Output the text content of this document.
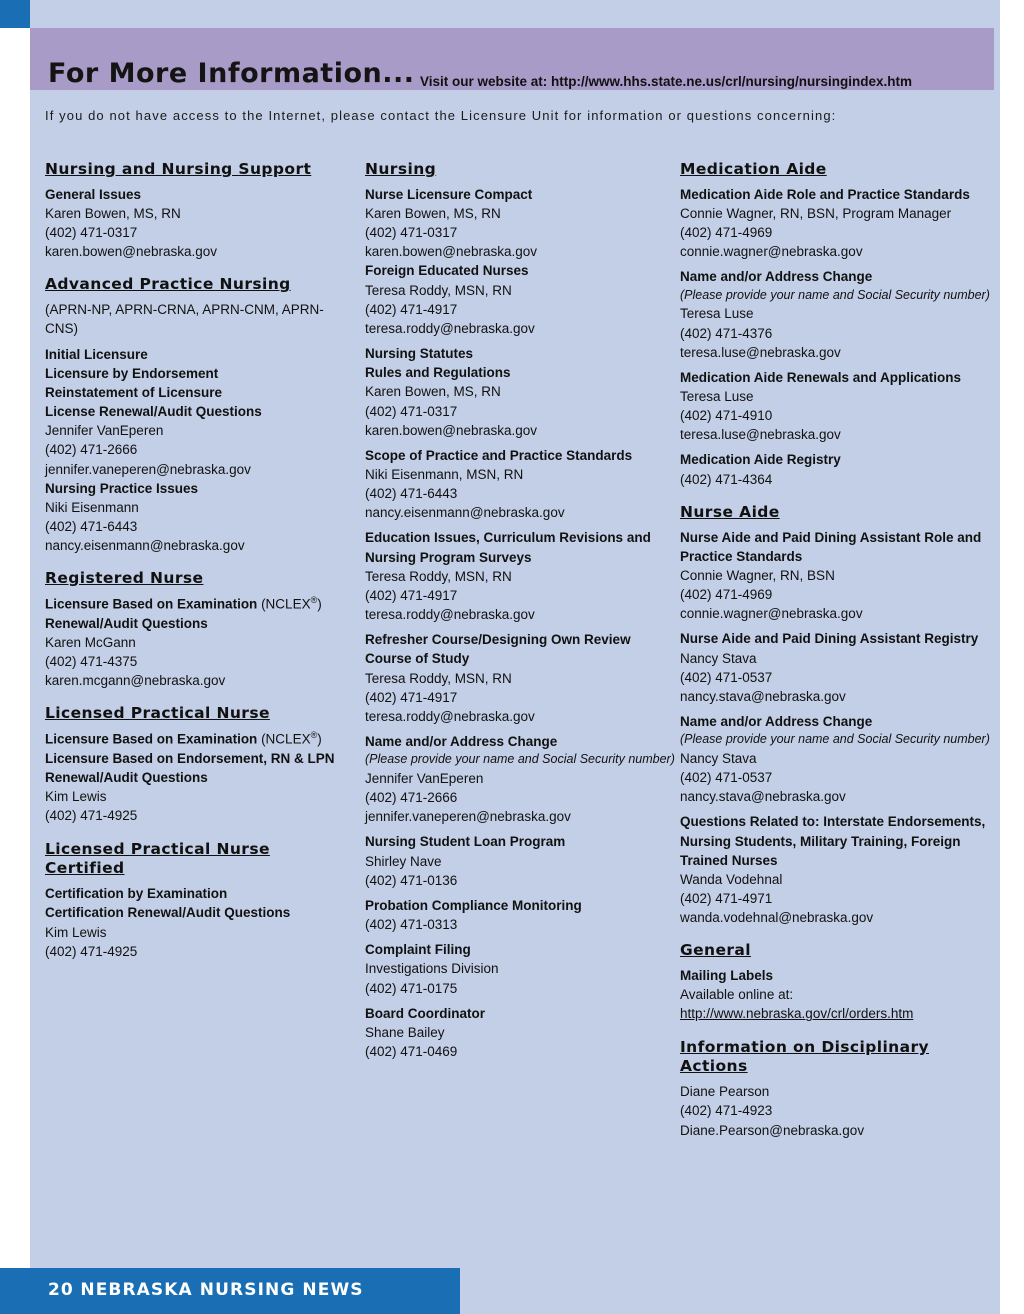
For More Information... Visit our website at: http://www.hhs.state.ne.us/crl/nursing/nursingindex.htm
If you do not have access to the Internet, please contact the Licensure Unit for information or questions concerning:
Nursing and Nursing Support
General Issues
Karen Bowen, MS, RN
(402) 471-0317
karen.bowen@nebraska.gov
Advanced Practice Nursing
(APRN-NP, APRN-CRNA, APRN-CNM, APRN-CNS)
Initial Licensure
Licensure by Endorsement
Reinstatement of Licensure
License Renewal/Audit Questions
Jennifer VanEperen
(402) 471-2666
jennifer.vaneperen@nebraska.gov
Nursing Practice Issues
Niki Eisenmann
(402) 471-6443
nancy.eisenmann@nebraska.gov
Registered Nurse
Licensure Based on Examination (NCLEX®)
Renewal/Audit Questions
Karen McGann
(402) 471-4375
karen.mcgann@nebraska.gov
Licensed Practical Nurse
Licensure Based on Examination (NCLEX®)
Licensure Based on Endorsement, RN & LPN
Renewal/Audit Questions
Kim Lewis
(402) 471-4925
Licensed Practical Nurse Certified
Certification by Examination
Certification Renewal/Audit Questions
Kim Lewis
(402) 471-4925
Nursing
Nurse Licensure Compact
Karen Bowen, MS, RN
(402) 471-0317
karen.bowen@nebraska.gov
Foreign Educated Nurses
Teresa Roddy, MSN, RN
(402) 471-4917
teresa.roddy@nebraska.gov
Nursing Statutes
Rules and Regulations
Karen Bowen, MS, RN
(402) 471-0317
karen.bowen@nebraska.gov
Scope of Practice and Practice Standards
Niki Eisenmann, MSN, RN
(402) 471-6443
nancy.eisenmann@nebraska.gov
Education Issues, Curriculum Revisions and Nursing Program Surveys
Teresa Roddy, MSN, RN
(402) 471-4917
teresa.roddy@nebraska.gov
Refresher Course/Designing Own Review Course of Study
Teresa Roddy, MSN, RN
(402) 471-4917
teresa.roddy@nebraska.gov
Name and/or Address Change
(Please provide your name and Social Security number)
Jennifer VanEperen
(402) 471-2666
jennifer.vaneperen@nebraska.gov
Nursing Student Loan Program
Shirley Nave
(402) 471-0136
Probation Compliance Monitoring
(402) 471-0313
Complaint Filing
Investigations Division
(402) 471-0175
Board Coordinator
Shane Bailey
(402) 471-0469
Medication Aide
Medication Aide Role and Practice Standards
Connie Wagner, RN, BSN, Program Manager
(402) 471-4969
connie.wagner@nebraska.gov
Name and/or Address Change
(Please provide your name and Social Security number)
Teresa Luse
(402) 471-4376
teresa.luse@nebraska.gov
Medication Aide Renewals and Applications
Teresa Luse
(402) 471-4910
teresa.luse@nebraska.gov
Medication Aide Registry
(402) 471-4364
Nurse Aide
Nurse Aide and Paid Dining Assistant Role and Practice Standards
Connie Wagner, RN, BSN
(402) 471-4969
connie.wagner@nebraska.gov
Nurse Aide and Paid Dining Assistant Registry
Nancy Stava
(402) 471-0537
nancy.stava@nebraska.gov
Name and/or Address Change
(Please provide your name and Social Security number)
Nancy Stava
(402) 471-0537
nancy.stava@nebraska.gov
Questions Related to: Interstate Endorsements, Nursing Students, Military Training, Foreign Trained Nurses
Wanda Vodehnal
(402) 471-4971
wanda.vodehnal@nebraska.gov
General
Mailing Labels
Available online at:
http://www.nebraska.gov/crl/orders.htm
Information on Disciplinary Actions
Diane Pearson
(402) 471-4923
Diane.Pearson@nebraska.gov
20 NEBRASKA NURSING NEWS
